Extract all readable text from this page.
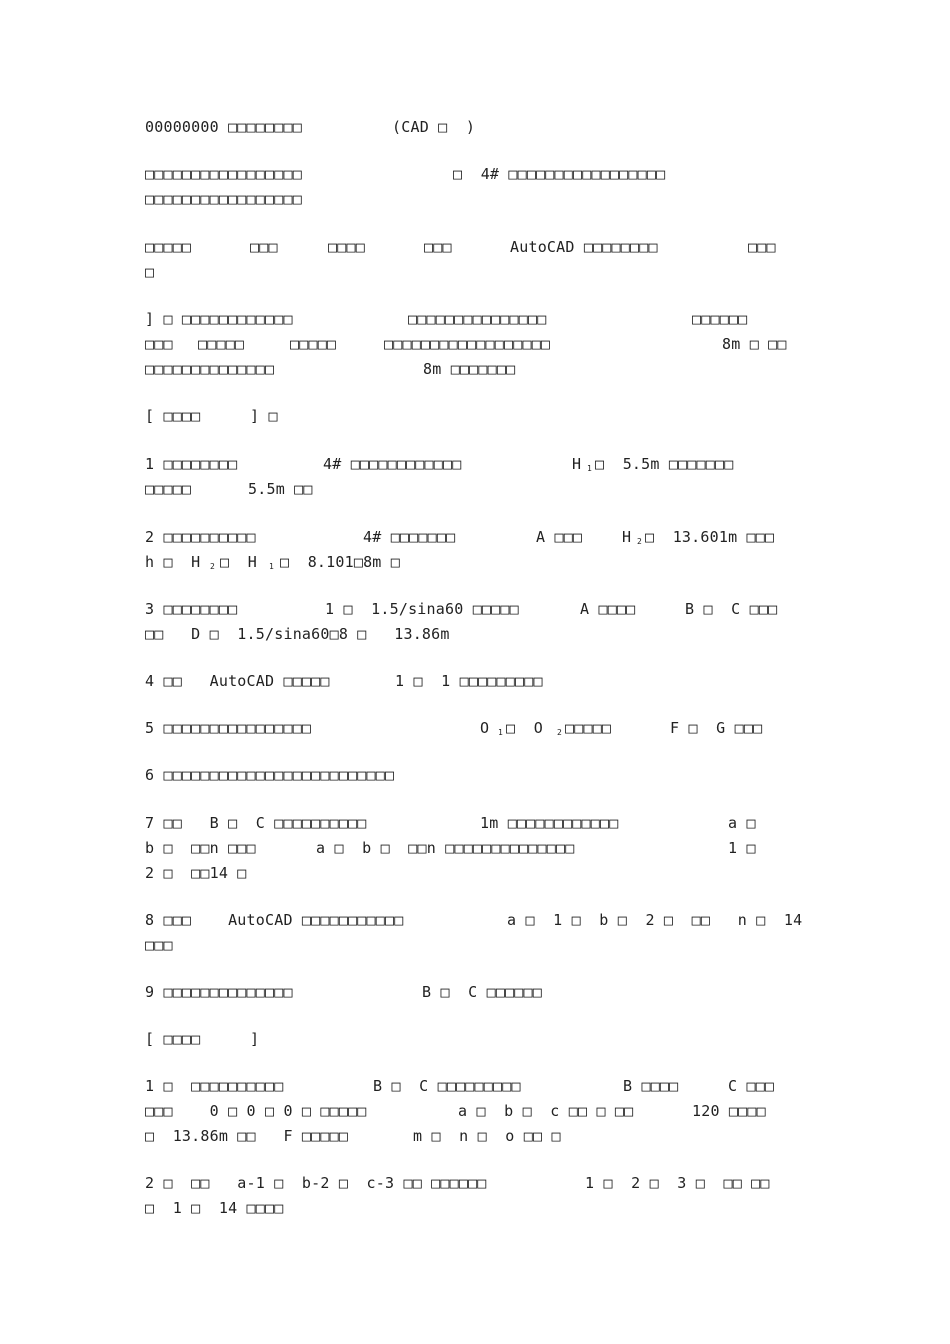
00000000 □□□□□□□□	(CAD □  )
□□□□□□□□□□□□□□□□□	□  4# □□□□□□□□□□□□□□□□□
□□□□□□□□□□□□□□□□□
□□□□□	□□□	□□□□	□□□	AutoCAD □□□□□□□□	□□□
□
] □ □□□□□□□□□□□□	□□□□□□□□□□□□□□□	□□□□□□
□□□ □□□□□	□□□□□	□□□□□□□□□□□□□□□□□□	8m □ □□
□□□□□□□□□□□□□□	8m □□□□□□□
[ □□□□	] □
1 □□□□□□□□	4# □□□□□□□□□□□□	H □  5.5m □□□□□□□
□□□□□	5.5m □□
2 □□□□□□□□□□	4# □□□□□□□	A □□□	H □  13.601m □□□
h □  H □  H □  8.101□8m □
3 □□□□□□□□	1 □  1.5/sina60 □□□□□	A □□□□	B □  C □□□
□□   D □  1.5/sina60□8 □   13.86m
4 □□   AutoCAD □□□□□	1 □  1 □□□□□□□□□
5 □□□□□□□□□□□□□□□□	O □  O □□□□□	F □  G □□□
6 □□□□□□□□□□□□□□□□□□□□□□□□□
7 □□   B □  C □□□□□□□□□□	1m □□□□□□□□□□□□	a □
b □  □□n □□□	a □  b □  □□n □□□□□□□□□□□□□□	1 □
2 □  □□14 □
8 □□□    AutoCAD □□□□□□□□□□□	a □  1 □  b □  2 □  □□   n □  14
□□□
9 □□□□□□□□□□□□□□	B □  C □□□□□□
[ □□□□	]
1 □  □□□□□□□□□□	B □  C □□□□□□□□□	B □□□□	C □□□
□□□    0 □ 0 □ 0 □ □□□□□	a □  b □  c □□ □ □□	120 □□□□
□  13.86m □□   F □□□□□	m □  n □  o □□ □
2 □  □□   a-1 □  b-2 □  c-3 □□ □□□□□□	1 □  2 □  3 □  □□ □□
□  1 □  14 □□□□
1
2
2	1
1	2
